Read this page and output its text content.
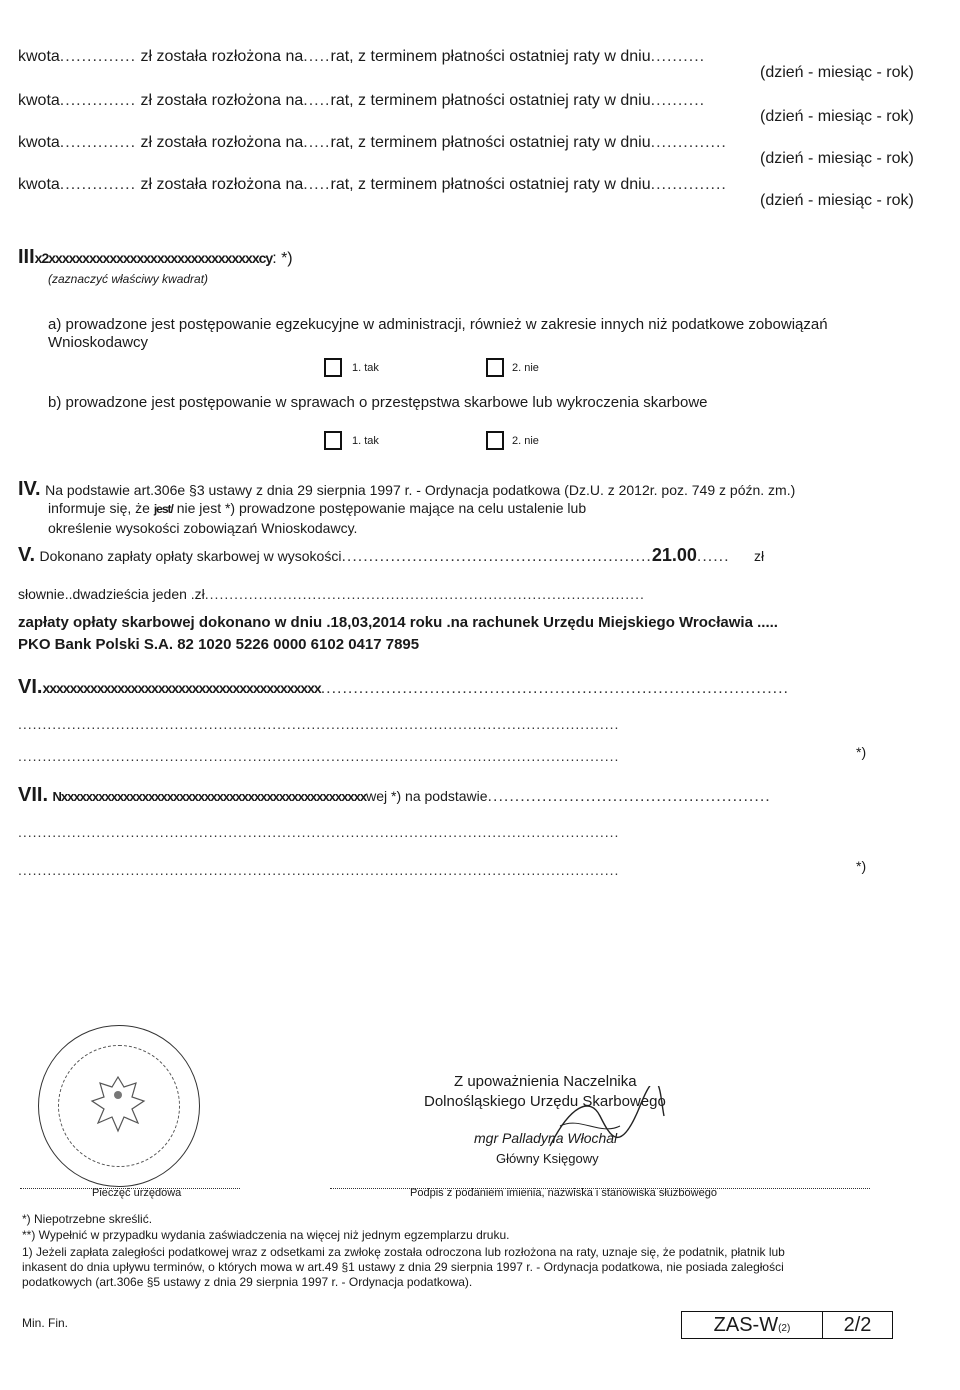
kwota.............. zł została rozłożona na.....rat, z terminem płatności ostatniej raty w dniu..........
(dzień - miesiąc - rok)
kwota.............. zł została rozłożona na.....rat, z terminem płatności ostatniej raty w dniu..........
(dzień - miesiąc - rok)
kwota.............. zł została rozłożona na.....rat, z terminem płatności ostatniej raty w dniu..............
(dzień - miesiąc - rok)
kwota.............. zł została rozłożona na.....rat, z terminem płatności ostatniej raty w dniu..............
(dzień - miesiąc - rok)
IIIx2xxxxxxxxxxxxxxxxxxxxxxxxxxxxxxxcy: *)
(zaznaczyć właściwy kwadrat)
a) prowadzone jest postępowanie egzekucyjne w administracji, również w zakresie innych niż podatkowe zobowiązań
Wnioskodawcy
1. tak	2. nie
b) prowadzone jest postępowanie w sprawach o przestępstwa skarbowe lub wykroczenia skarbowe
1. tak	2. nie
IV. Na podstawie art.306e §3 ustawy z dnia 29 sierpnia 1997 r. - Ordynacja podatkowa (Dz.U. z 2012r. poz. 749 z późn. zm.)
informuje się, że jest/ nie jest *) prowadzone postępowanie mające na celu ustalenie lub
określenie wysokości zobowiązań Wnioskodawcy.
V. Dokonano zapłaty opłaty skarbowej w wysokości.........................................................21.00...... zł
słownie..dwadzieścia jeden .zł..........................................................................................
zapłaty opłaty skarbowej dokonano w dniu .18,03,2014 roku .na rachunek Urzędu Miejskiego Wrocławia .....
PKO Bank Polski S.A. 82 1020 5226 0000 6102 0417 7895
VI.xxxxxxxxxxxxxxxxxxxxxxxxxxxxxxxxxxxxxxxxx......................................................................................
...........................................................................................................................
...........................................................................................................................	*)
VII. Nxxxxxxxxxxxxxxxxxxxxxxxxxxxxxxxxxxxxxxxxxxxxxxxxxwej *) na podstawie....................................................
...........................................................................................................................
...........................................................................................................................	*)
Pieczęć urzędowa
Z upoważnienia Naczelnika
Dolnośląskiego Urzędu Skarbowego
mgr Palladyna Włochal
Główny Księgowy
Podpis z podaniem imienia, nazwiska i stanowiska służbowego
*) Niepotrzebne skreślić.
**) Wypełnić w przypadku wydania zaświadczenia na więcej niż jednym egzemplarzu druku.
1) Jeżeli zapłata zaległości podatkowej wraz z odsetkami za zwłokę została odroczona lub rozłożona na raty, uznaje się, że podatnik, płatnik lub
inkasent do dnia upływu terminów, o których mowa w art.49 §1 ustawy z dnia 29 sierpnia 1997 r. - Ordynacja podatkowa, nie posiada zaległości
podatkowych (art.306e §5 ustawy z dnia 29 sierpnia 1997 r. - Ordynacja podatkowa).
Min. Fin.	ZAS-W(2)	2/2
